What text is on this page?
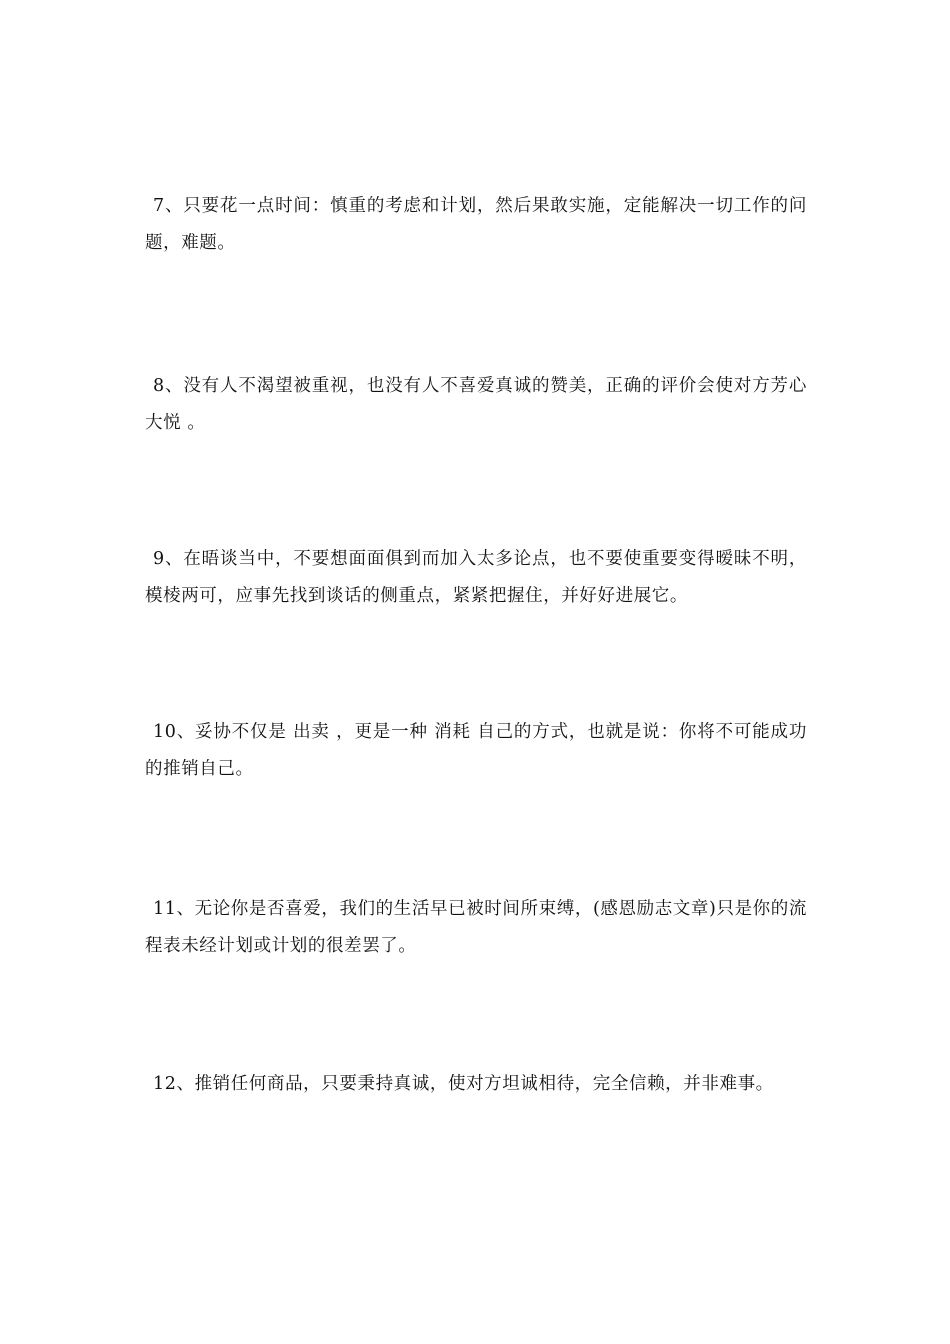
7、只要花一点时间：慎重的考虑和计划，然后果敢实施，定能解决一切工作的问题，难题。

8、没有人不渴望被重视，也没有人不喜爱真诚的赞美，正确的评价会使对方芳心大悦 。

9、在晤谈当中，不要想面面俱到而加入太多论点，也不要使重要变得暧昧不明，模棱两可，应事先找到谈话的侧重点，紧紧把握住，并好好进展它。

10、妥协不仅是 出卖 ，更是一种 消耗 自己的方式，也就是说：你将不可能成功的推销自己。

11、无论你是否喜爱，我们的生活早已被时间所束缚，(感恩励志文章)只是你的流程表未经计划或计划的很差罢了。

12、推销任何商品，只要秉持真诚，使对方坦诚相待，完全信赖，并非难事。
